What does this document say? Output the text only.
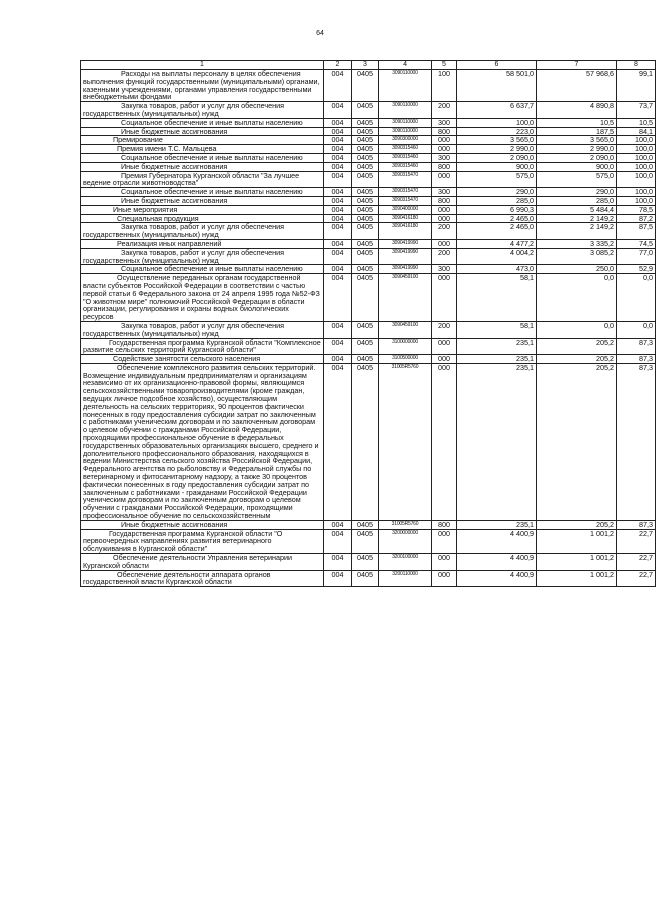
64
1	2	3	4	5	6	7	8
Расходы на выплаты персоналу в целях обеспечения выполнения функций государственными (муниципальными) органами, казенными учреждениями, органами управления государственными внебюджетными фондами	004	0405	3090110000	100	58 501,0	57 968,6	99,1
Закупка товаров, работ и услуг для обеспечения государственных (муниципальных) нужд	004	0405	3090110000	200	6 637,7	4 890,8	73,7
Социальное обеспечение и иные выплаты населению	004	0405	3090110000	300	100,0	10,5	10,5
Иные бюджетные ассигнования	004	0405	3090110000	800	223,0	187,5	84,1
Премирование	004	0405	3090300000	000	3 565,0	3 565,0	100,0
Премия имени Т.С. Мальцева	004	0405	3090315460	000	2 990,0	2 990,0	100,0
Социальное обеспечение и иные выплаты населению	004	0405	3090315460	300	2 090,0	2 090,0	100,0
Иные бюджетные ассигнования	004	0405	3090315460	800	900,0	900,0	100,0
Премия Губернатора Курганской области "За лучшее ведение отрасли животноводства"	004	0405	3090315470	000	575,0	575,0	100,0
Социальное обеспечение и иные выплаты населению	004	0405	3090315470	300	290,0	290,0	100,0
Иные бюджетные ассигнования	004	0405	3090315470	800	285,0	285,0	100,0
Иные мероприятия	004	0405	3090400000	000	6 990,3	5 484,4	78,5
Специальная продукция	004	0405	3090416180	000	2 465,0	2 149,2	87,2
Закупка товаров, работ и услуг для обеспечения государственных (муниципальных) нужд	004	0405	3090416180	200	2 465,0	2 149,2	87,5
Реализация иных направлений	004	0405	3090419990	000	4 477,2	3 335,2	74,5
Закупка товаров, работ и услуг для обеспечения государственных (муниципальных) нужд	004	0405	3090419990	200	4 004,2	3 085,2	77,0
Социальное обеспечение и иные выплаты населению	004	0405	3090419990	300	473,0	250,0	52,9
Осуществление переданных органам государственной власти субъектов Российской Федерации в соответствии с частью первой статьи 6 Федерального закона от 24 апреля 1995 года №52-ФЗ "О животном мире" полномочий Российской Федерации в области организации, регулирования и охраны водных биологических ресурсов	004	0405	3090459100	000	58,1	0,0	0,0
Закупка товаров, работ и услуг для обеспечения государственных (муниципальных) нужд	004	0405	3090459100	200	58,1	0,0	0,0
Государственная программа Курганской области "Комплексное развитие сельских территорий Курганской области"	004	0405	3100000000	000	235,1	205,2	87,3
Содействие занятости сельского населения	004	0405	3100500000	000	235,1	205,2	87,3
Обеспечение комплексного развития сельских территорий. Возмещение индивидуальным предпринимателям и организациям независимо от их организационно-правовой формы, являющимся сельскохозяйственными товаропроизводителями (кроме граждан, ведущих личное подсобное хозяйство), осуществляющим деятельность на сельских территориях, 90 процентов фактически понесенных в году предоставления субсидии затрат по заключенным с работниками ученическим договорам и по заключенным договорам о целевом обучении с гражданами Российской Федерации, проходящими профессиональное обучение в федеральных государственных образовательных организациях высшего, среднего и дополнительного профессионального образования, находящихся в ведении Министерства сельского хозяйства Российской Федерации, Федерального агентства по рыболовству и Федеральной службы по ветеринарному и фитосанитарному надзору, а также 30 процентов фактически понесенных в году предоставления субсидии затрат по заключенным с работниками - гражданами Российской Федерации ученическим договорам и по заключенным договорам о целевом обучении с гражданами Российской Федерации, проходящими профессиональное обучение по сельскохозяйственным	004	0405	31005R5760	000	235,1	205,2	87,3
Иные бюджетные ассигнования	004	0405	31005R5760	800	235,1	205,2	87,3
Государственная программа Курганской области "О первоочередных направлениях развития ветеринарного обслуживания в Курганской области"	004	0405	3200000000	000	4 400,9	1 001,2	22,7
Обеспечение деятельности Управления ветеринарии Курганской области	004	0405	3200100000	000	4 400,9	1 001,2	22,7
Обеспечение деятельности аппарата органов государственной власти Курганской области	004	0405	3200110000	000	4 400,9	1 001,2	22,7
